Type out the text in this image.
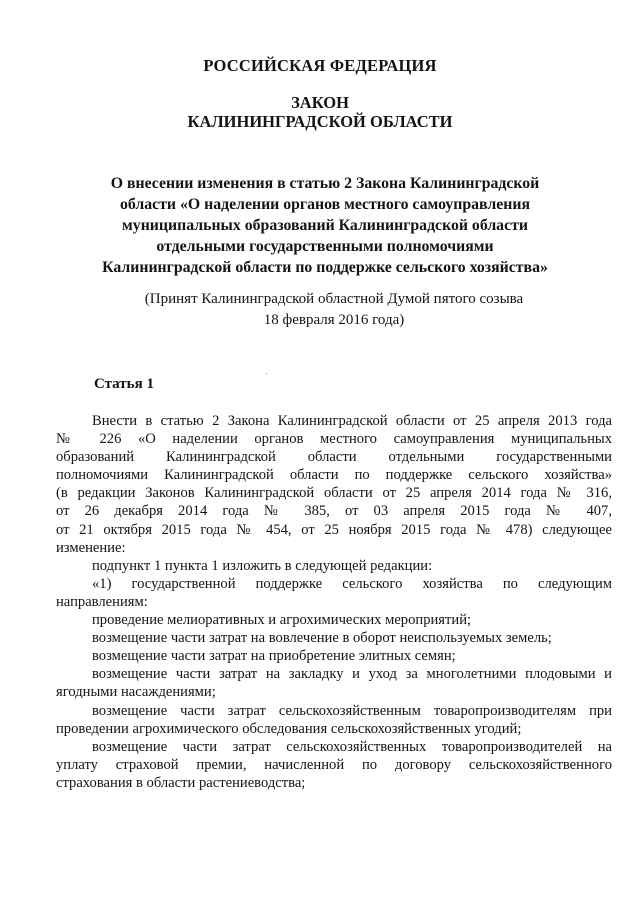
РОССИЙСКАЯ ФЕДЕРАЦИЯ
ЗАКОН
КАЛИНИНГРАДСКОЙ ОБЛАСТИ
О внесении изменения в статью 2 Закона Калининградской
области «О наделении органов местного самоуправления
муниципальных образований Калининградской области
отдельными государственными полномочиями
Калининградской области по поддержке сельского хозяйства»
(Принят Калининградской областной Думой пятого созыва
18 февраля 2016 года)
Статья 1
Внести в статью 2 Закона Калининградской области от 25 апреля 2013 года
№ 226 «О наделении органов местного самоуправления муниципальных
образований Калининградской области отдельными государственными
полномочиями Калининградской области по поддержке сельского хозяйства»
(в редакции Законов Калининградской области от 25 апреля 2014 года № 316,
от 26 декабря 2014 года № 385, от 03 апреля 2015 года № 407,
от 21 октября 2015 года № 454, от 25 ноября 2015 года № 478) следующее
изменение:
подпункт 1 пункта 1 изложить в следующей редакции:
«1) государственной поддержке сельского хозяйства по следующим
направлениям:
проведение мелиоративных и агрохимических мероприятий;
возмещение части затрат на вовлечение в оборот неиспользуемых земель;
возмещение части затрат на приобретение элитных семян;
возмещение части затрат на закладку и уход за многолетними плодовыми и
ягодными насаждениями;
возмещение части затрат сельскохозяйственным товаропроизводителям при
проведении агрохимического обследования сельскохозяйственных угодий;
возмещение части затрат сельскохозяйственных товаропроизводителей на
уплату страховой премии, начисленной по договору сельскохозяйственного
страхования в области растениеводства;
